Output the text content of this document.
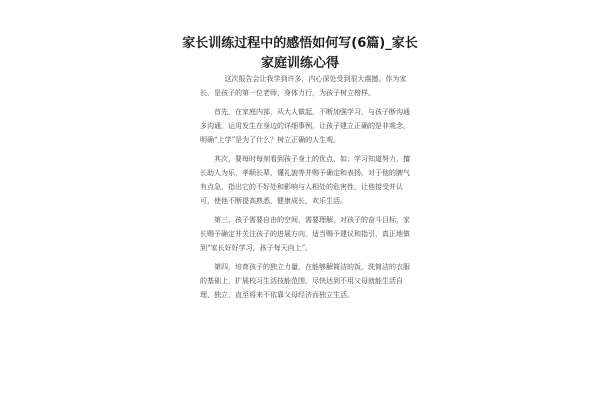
家长训练过程中的感悟如何写(6篇)_家长
家庭训练心得

这次报告会让我学到许多，内心深处受到很大震撼。作为家长，是孩子的第一位老师，身体力行，为孩子树立榜样。

首先，在家庭内部，从大人做起，不断加强学习，与孩子断沟通多沟通，运用发生在身边的详细事例，让孩子建立正确的是非观念，明确“上学”是为了什么？树立正确的人生观。

其次，要每时每刻看到孩子身上的优点，如：学习知道努力，擅长助人为乐，孝顺长辈，懂礼貌等并赐予确定和表扬。对于他的脾气有点急，指出它的不好处和影响与人相处的危害性，让他接受并认可，使他不断提高熟悉，健康成长，欢乐生活。

第三，孩子需要自由的空间，需要理解，对孩子的奋斗目标，家长赐予确定并关注孩子的进展方向，适当赐予建议和指引，真正地做到“家长好好学习，孩子每天向上”。

第四，培育孩子的独立力量，在能够解简洁的饭，洗简洁的衣服的基础上，扩展校习生活技能范围，尽快达到不用父母就能生活自理、独立，直至将来不依靠父母经济而独立生活。
